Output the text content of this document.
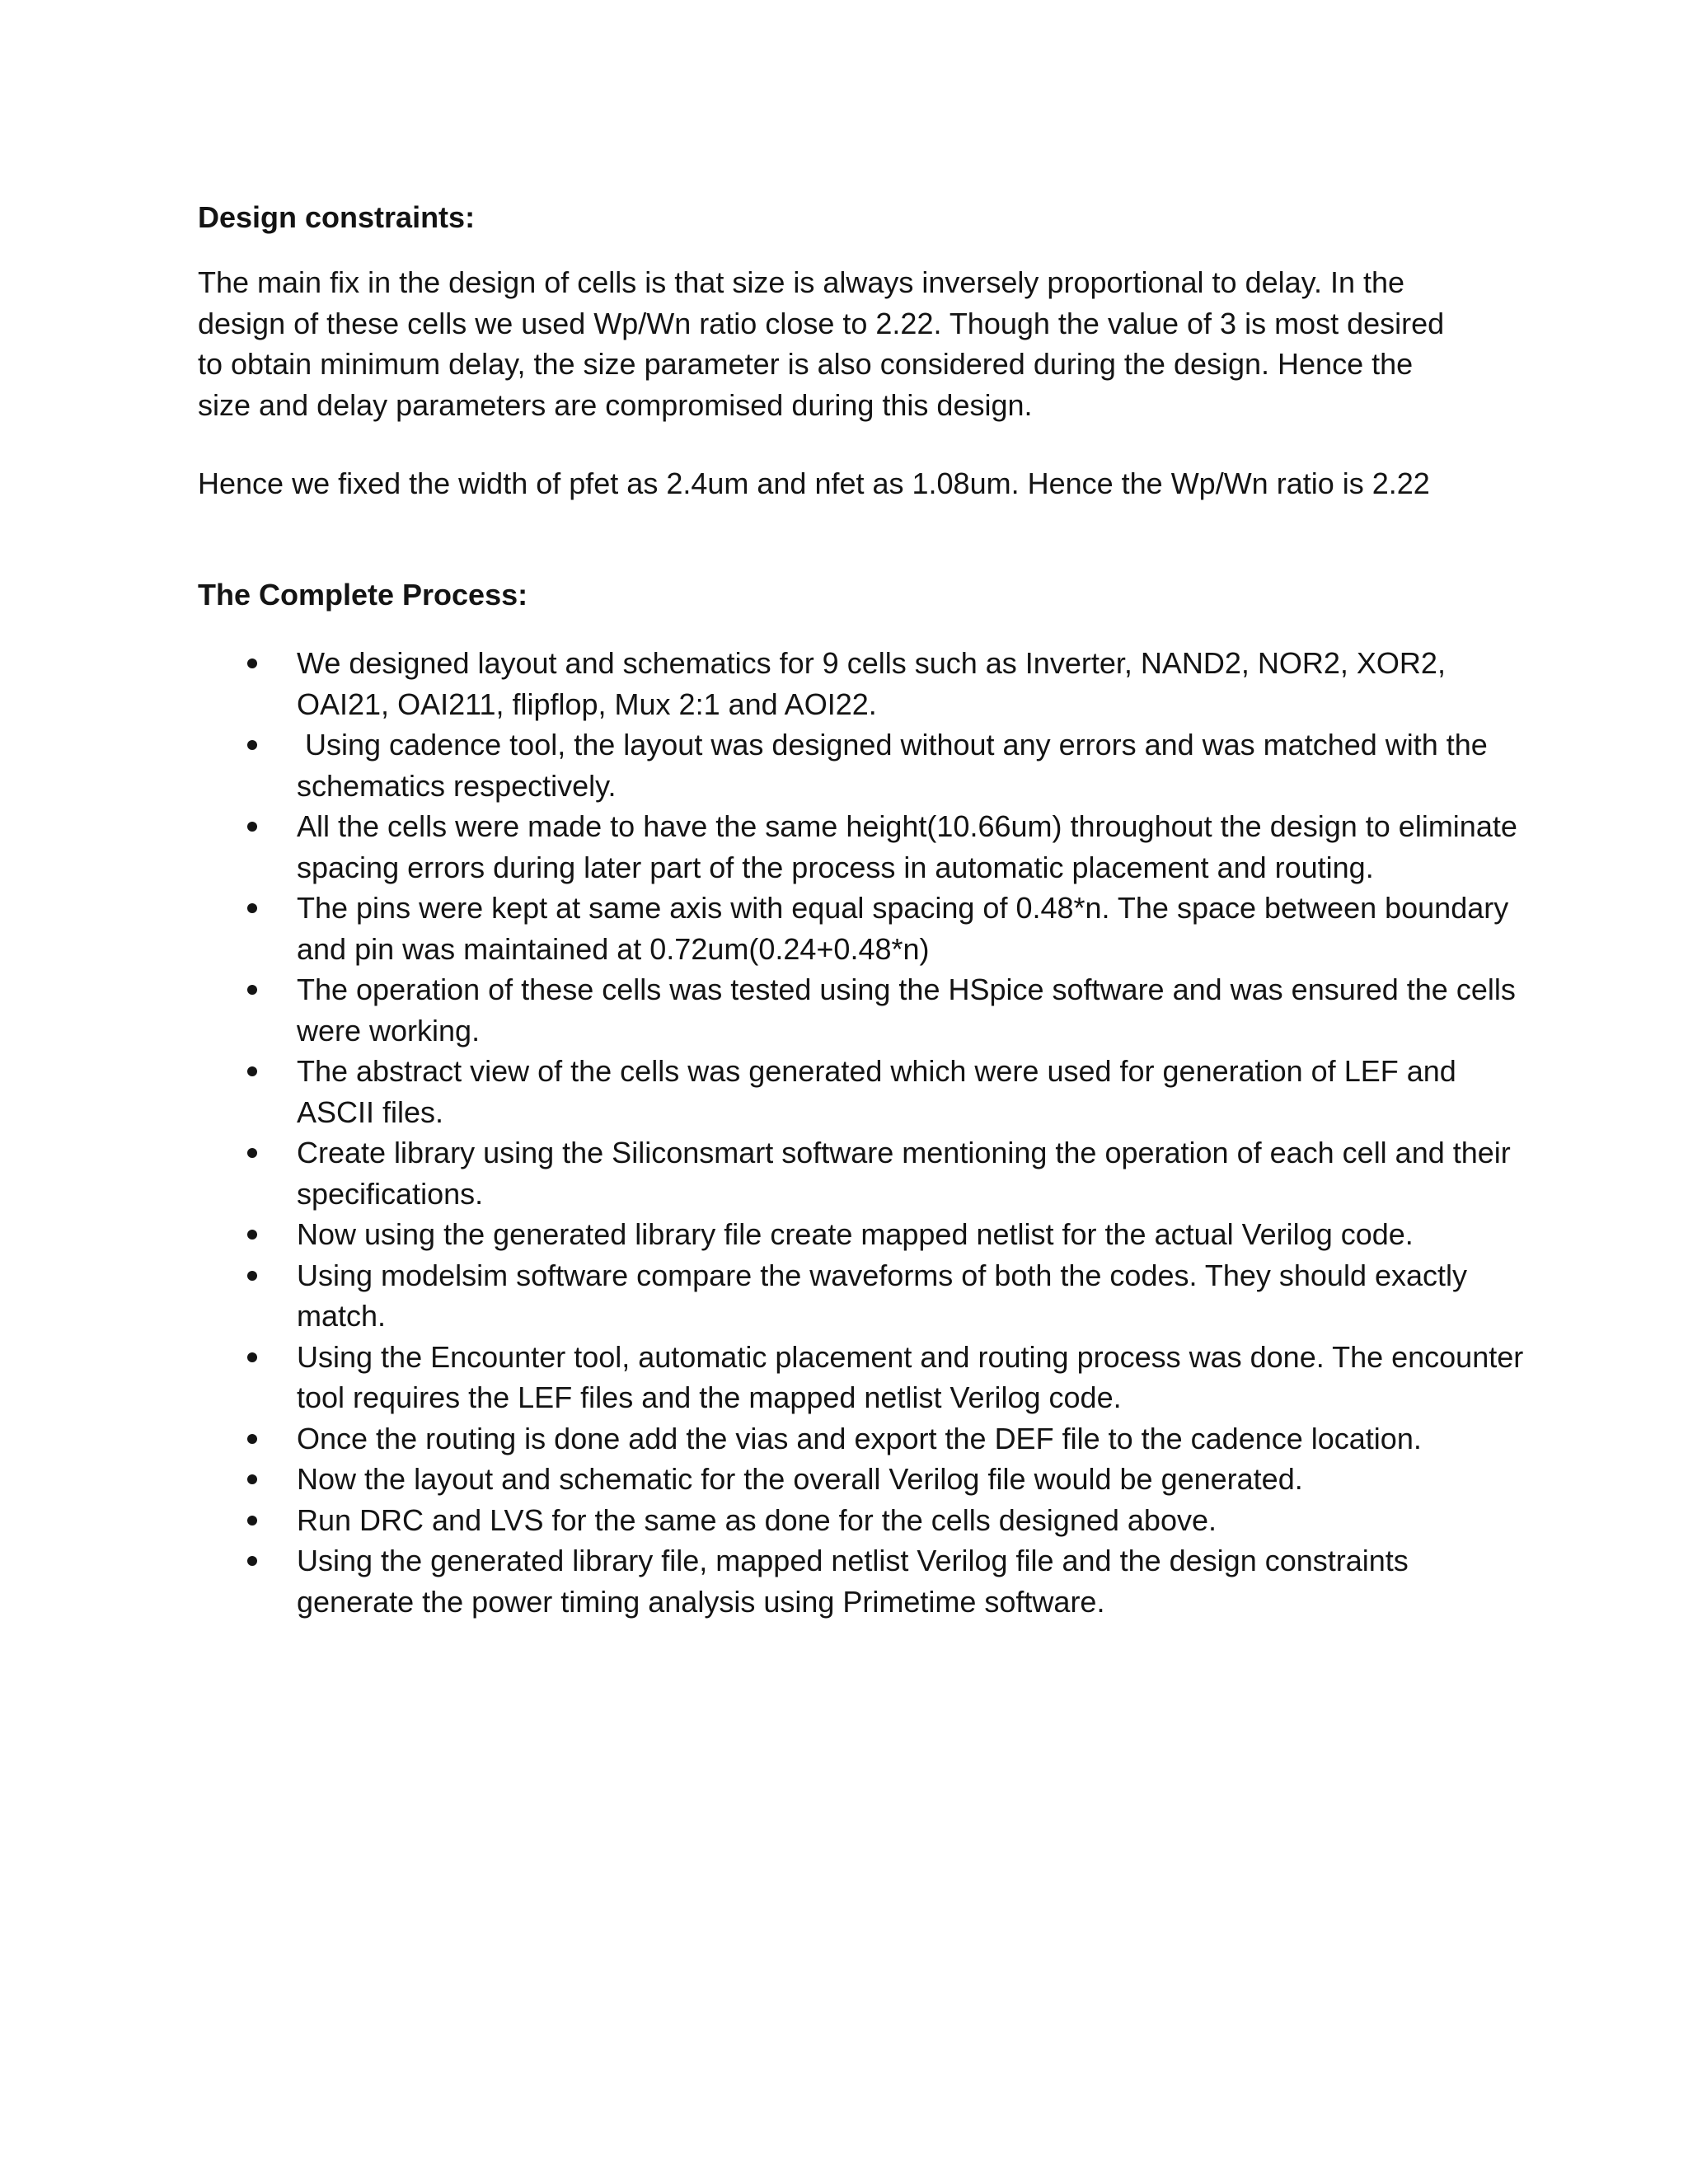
Design constraints:
The main fix in the design of cells is that size is always inversely proportional to delay. In the
design of these cells we used Wp/Wn ratio close to 2.22. Though the value of 3 is most desired
to obtain minimum delay, the size parameter is also considered during the design. Hence the
size and delay parameters are compromised during this design.
Hence we fixed the width of pfet as 2.4um and nfet as 1.08um. Hence the Wp/Wn ratio is 2.22
The Complete Process:
We designed layout and schematics for 9 cells such as Inverter, NAND2, NOR2, XOR2, OAI21, OAI211, flipflop, Mux 2:1 and AOI22.
Using cadence tool, the layout was designed without any errors and was matched with the schematics respectively.
All the cells were made to have the same height(10.66um) throughout the design to eliminate spacing errors during later part of the process in automatic placement and routing.
The pins were kept at same axis with equal spacing of 0.48*n. The space between boundary and pin was maintained at 0.72um(0.24+0.48*n)
The operation of these cells was tested using the HSpice software and was ensured the cells were working.
The abstract view of the cells was generated which were used for generation of LEF and ASCII files.
Create library using the Siliconsmart software mentioning the operation of each cell and their specifications.
Now using the generated library file create mapped netlist for the actual Verilog code.
Using modelsim software compare the waveforms of both the codes. They should exactly match.
Using the Encounter tool, automatic placement and routing process was done. The encounter tool requires the LEF files and the mapped netlist Verilog code.
Once the routing is done add the vias and export the DEF file to the cadence location.
Now the layout and schematic for the overall Verilog file would be generated.
Run DRC and LVS for the same as done for the cells designed above.
Using the generated library file, mapped netlist Verilog file and the design constraints generate the power timing analysis using Primetime software.
